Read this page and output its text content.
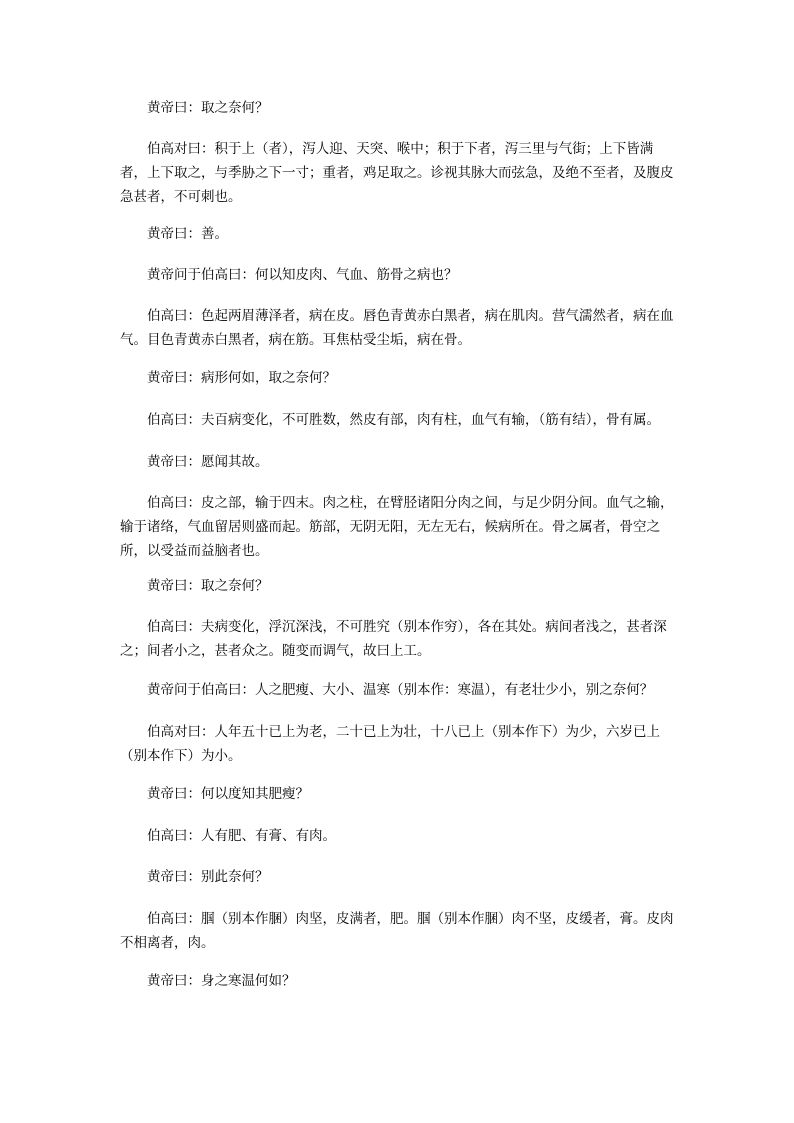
黄帝曰：取之奈何？

伯高对曰：积于上（者），泻人迎、天突、喉中；积于下者，泻三里与气街；上下皆满者，上下取之，与季胁之下一寸；重者，鸡足取之。诊视其脉大而弦急，及绝不至者，及腹皮急甚者，不可刺也。

黄帝曰：善。

黄帝问于伯高曰：何以知皮肉、气血、筋骨之病也？

伯高曰：色起两眉薄泽者，病在皮。唇色青黄赤白黑者，病在肌肉。营气濡然者，病在血气。目色青黄赤白黑者，病在筋。耳焦枯受尘垢，病在骨。

黄帝曰：病形何如，取之奈何？

伯高曰：夫百病变化，不可胜数，然皮有部，肉有柱，血气有输，（筋有结），骨有属。

黄帝曰：愿闻其故。

伯高曰：皮之部，输于四末。肉之柱，在臂胫诸阳分肉之间，与足少阴分间。血气之输，输于诸络，气血留居则盛而起。筋部，无阴无阳，无左无右，候病所在。骨之属者，骨空之所，以受益而益脑者也。

黄帝曰：取之奈何？

伯高曰：夫病变化，浮沉深浅，不可胜究（别本作穷），各在其处。病间者浅之，甚者深之；间者小之，甚者众之。随变而调气，故曰上工。

黄帝问于伯高曰：人之肥瘦、大小、温寒（别本作：寒温），有老壮少小，别之奈何？

伯高对曰：人年五十已上为老，二十已上为壮，十八已上（别本作下）为少，六岁已上（别本作下）为小。

黄帝曰：何以度知其肥瘦？

伯高曰：人有肥、有膏、有肉。

黄帝曰：别此奈何？

伯高曰：腘（别本作䐃）肉坚，皮满者，肥。腘（别本作䐃）肉不坚，皮缓者，膏。皮肉不相离者，肉。

黄帝曰：身之寒温何如？
